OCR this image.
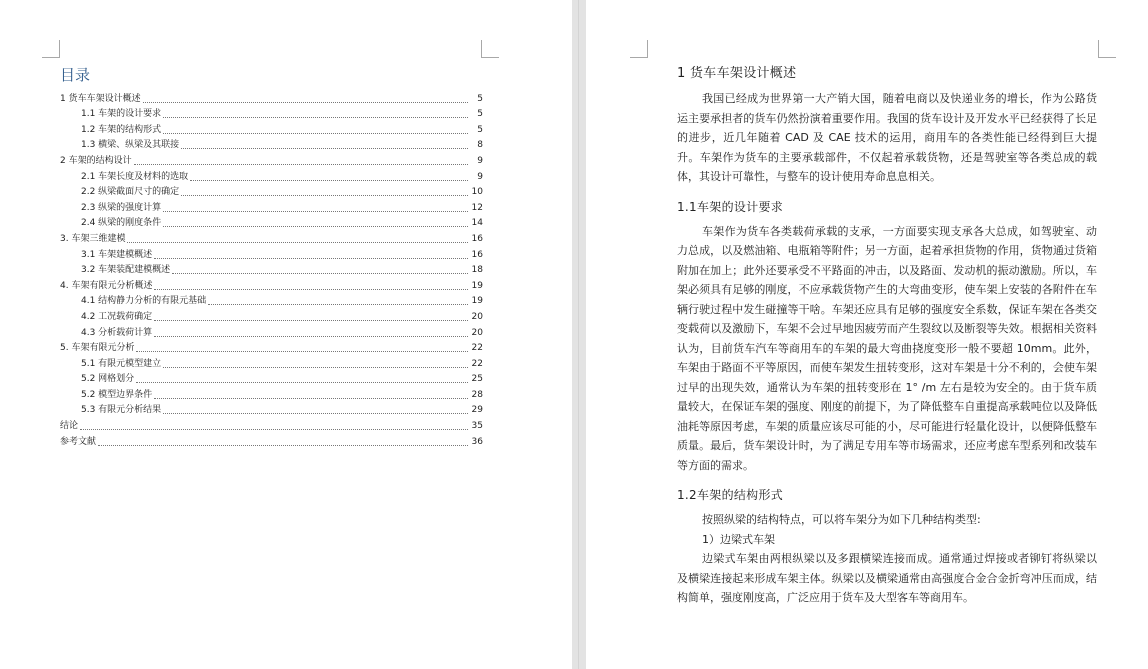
目录
1 货车车架设计概述	5
1.1 车架的设计要求	5
1.2 车架的结构形式	5
1.3 横梁、纵梁及其联接	8
2 车架的结构设计	9
2.1 车架长度及材料的选取	9
2.2 纵梁截面尺寸的确定	10
2.3 纵梁的强度计算	12
2.4 纵梁的刚度条件	14
3. 车架三维建模	16
3.1 车架建模概述	16
3.2 车架装配建模概述	18
4. 车架有限元分析概述	19
4.1 结构静力分析的有限元基础	19
4.2 工况载荷确定	20
4.3 分析载荷计算	20
5. 车架有限元分析	22
5.1 有限元模型建立	22
5.2 网格划分	25
5.2 模型边界条件	28
5.3 有限元分析结果	29
结论	35
参考文献	36
1 货车车架设计概述

我国已经成为世界第一大产销大国，随着电商以及快递业务的增长，作为公路货运主要承担者的货车仍然扮演着重要作用。我国的货车设计及开发水平已经获得了长足的进步，近几年随着 CAD 及 CAE 技术的运用，商用车的各类性能已经得到巨大提升。车架作为货车的主要承载部件，不仅起着承载货物，还是驾驶室等各类总成的载体，其设计可靠性，与整车的设计使用寿命息息相关。

1.1车架的设计要求

车架作为货车各类载荷承载的支承，一方面要实现支承各大总成，如驾驶室、动力总成，以及燃油箱、电瓶箱等附件；另一方面，起着承担货物的作用，货物通过货箱附加在加上；此外还要承受不平路面的冲击，以及路面、发动机的振动激励。所以，车架必须具有足够的刚度，不应承载货物产生的大弯曲变形，使车架上安装的各附件在车辆行驶过程中发生碰撞等干啥。车架还应具有足够的强度安全系数，保证车架在各类交变载荷以及激励下，车架不会过早地因疲劳而产生裂纹以及断裂等失效。根据相关资料认为，目前货车汽车等商用车的车架的最大弯曲挠度变形一般不要超 10mm。此外，车架由于路面不平等原因，而使车架发生扭转变形，这对车架是十分不利的，会使车架过早的出现失效，通常认为车架的扭转变形在 1° /m 左右是较为安全的。由于货车质量较大，在保证车架的强度、刚度的前提下，为了降低整车自重提高承载吨位以及降低油耗等原因考虑，车架的质量应该尽可能的小，尽可能进行轻量化设计，以便降低整车质量。最后，货车架设计时，为了满足专用车等市场需求，还应考虑车型系列和改装车等方面的需求。

1.2车架的结构形式

按照纵梁的结构特点，可以将车架分为如下几种结构类型:

1）边梁式车架

边梁式车架由两根纵梁以及多跟横梁连接而成。通常通过焊接或者铆钉将纵梁以及横梁连接起来形成车架主体。纵梁以及横梁通常由高强度合金合金折弯冲压而成，结构简单，强度刚度高，广泛应用于货车及大型客车等商用车。
